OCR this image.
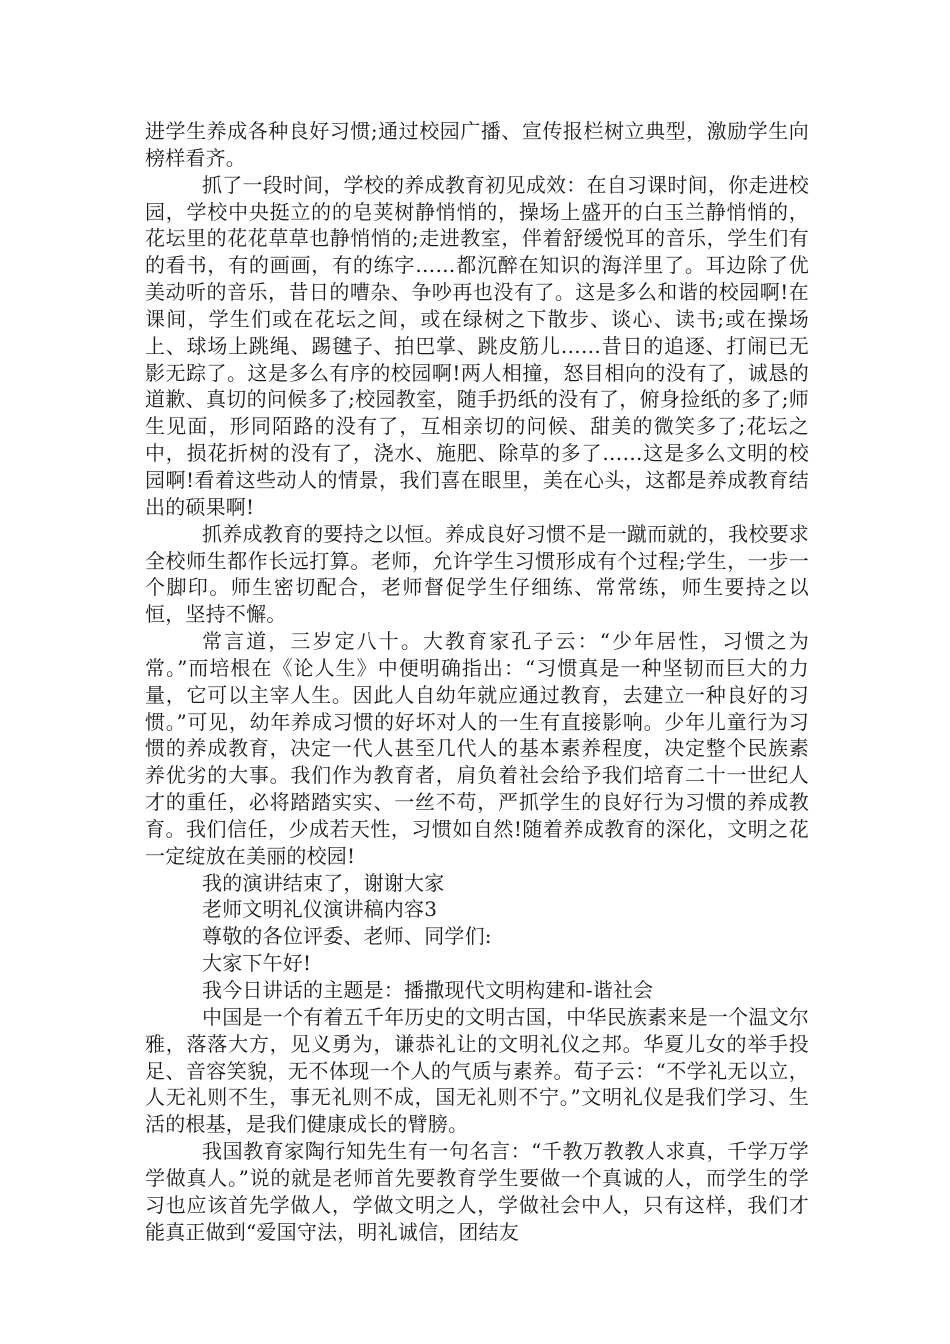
进学生养成各种良好习惯;通过校园广播、宣传报栏树立典型，激励学生向榜样看齐。

抓了一段时间，学校的养成教育初见成效：在自习课时间，你走进校园，学校中央挺立的的皂荚树静悄悄的，操场上盛开的白玉兰静悄悄的，花坛里的花花草草也静悄悄的;走进教室，伴着舒缓悦耳的音乐，学生们有的看书，有的画画，有的练字……都沉醉在知识的海洋里了。耳边除了优美动听的音乐，昔日的嘈杂、争吵再也没有了。这是多么和谐的校园啊!在课间，学生们或在花坛之间，或在绿树之下散步、谈心、读书;或在操场上、球场上跳绳、踢毽子、拍巴掌、跳皮筋儿……昔日的追逐、打闹已无影无踪了。这是多么有序的校园啊!两人相撞，怒目相向的没有了，诚恳的道歉、真切的问候多了;校园教室，随手扔纸的没有了，俯身捡纸的多了;师生见面，形同陌路的没有了，互相亲切的问候、甜美的微笑多了;花坛之中，损花折树的没有了，浇水、施肥、除草的多了……这是多么文明的校园啊!看着这些动人的情景，我们喜在眼里，美在心头，这都是养成教育结出的硕果啊!

抓养成教育的要持之以恒。养成良好习惯不是一蹴而就的，我校要求全校师生都作长远打算。老师，允许学生习惯形成有个过程;学生，一步一个脚印。师生密切配合，老师督促学生仔细练、常常练，师生要持之以恒，坚持不懈。

常言道，三岁定八十。大教育家孔子云：“少年居性，习惯之为常。”而培根在《论人生》中便明确指出：“习惯真是一种坚韧而巨大的力量，它可以主宰人生。因此人自幼年就应通过教育，去建立一种良好的习惯。”可见，幼年养成习惯的好坏对人的一生有直接影响。少年儿童行为习惯的养成教育，决定一代人甚至几代人的基本素养程度，决定整个民族素养优劣的大事。我们作为教育者，肩负着社会给予我们培育二十一世纪人才的重任，必将踏踏实实、一丝不苟，严抓学生的良好行为习惯的养成教育。我们信任，少成若天性，习惯如自然!随着养成教育的深化，文明之花一定绽放在美丽的校园!

我的演讲结束了，谢谢大家

老师文明礼仪演讲稿内容3

尊敬的各位评委、老师、同学们:

大家下午好!

我今日讲话的主题是：播撒现代文明构建和-谐社会

中国是一个有着五千年历史的文明古国，中华民族素来是一个温文尔雅，落落大方，见义勇为，谦恭礼让的文明礼仪之邦。华夏儿女的举手投足、音容笑貌，无不体现一个人的气质与素养。荀子云：“不学礼无以立，人无礼则不生，事无礼则不成，国无礼则不宁。”文明礼仪是我们学习、生活的根基，是我们健康成长的臂膀。

我国教育家陶行知先生有一句名言：“千教万教教人求真，千学万学学做真人。”说的就是老师首先要教育学生要做一个真诚的人，而学生的学习也应该首先学做人，学做文明之人，学做社会中人，只有这样，我们才能真正做到“爱国守法，明礼诚信，团结友
